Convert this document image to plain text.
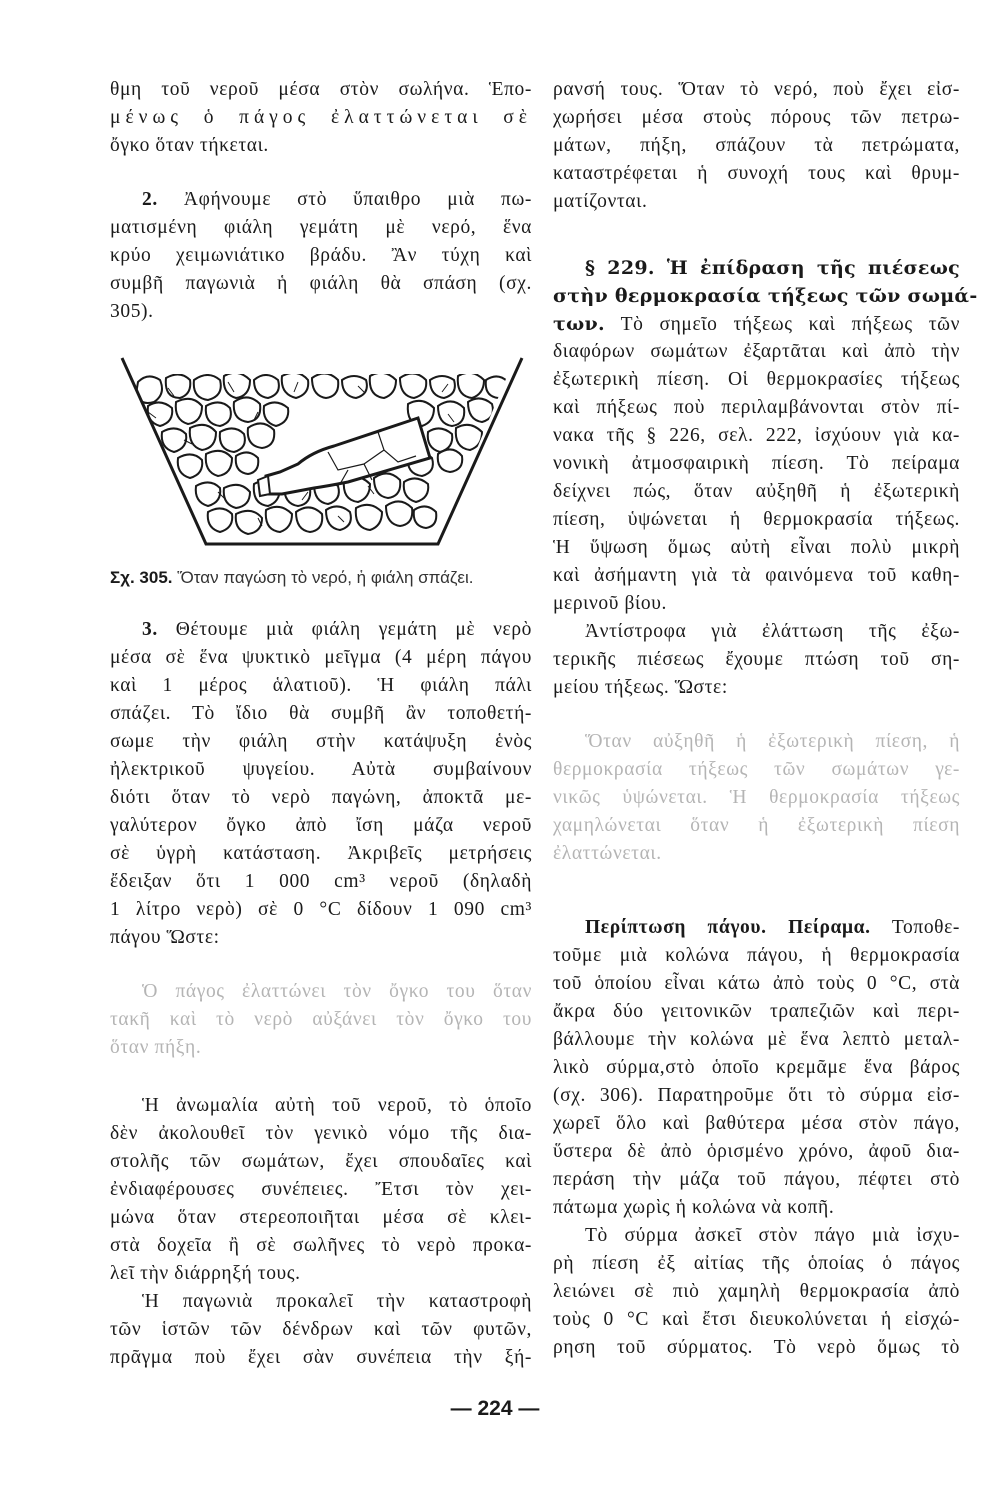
θμη τοῦ νεροῦ μέσα στὸν σωλήνα. Ἑπο-
μένως ὁ πάγος ἐλαττώνεται σὲ
ὄγκο ὅταν τήκεται.
2. Ἀφήνουμε στὸ ὕπαιθρο μιὰ πω-
ματισμένη φιάλη γεμάτη μὲ νερό, ἕνα
κρύο χειμωνιάτικο βράδυ. Ἂν τύχη καὶ
συμβῆ παγωνιὰ ἡ φιάλη θὰ σπάση (σχ.
305).
Σχ. 305. Ὅταν παγώση τὸ νερό, ἡ φιάλη σπάζει.
3. Θέτουμε μιὰ φιάλη γεμάτη μὲ νερὸ
μέσα σὲ ἕνα ψυκτικὸ μεῖγμα (4 μέρη πάγου
καὶ 1 μέρος ἁλατιοῦ). Ἡ φιάλη πάλι
σπάζει. Τὸ ἴδιο θὰ συμβῆ ἂν τοποθετή-
σωμε τὴν φιάλη στὴν κατάψυξη ἑνὸς
ἠλεκτρικοῦ ψυγείου. Αὐτὰ συμβαίνουν
διότι ὅταν τὸ νερὸ παγώνη, ἀποκτᾶ με-
γαλύτερον ὄγκο ἀπὸ ἴση μάζα νεροῦ
σὲ ὑγρὴ κατάσταση. Ἀκριβεῖς μετρήσεις
ἔδειξαν ὅτι 1 000 cm³ νεροῦ (δηλαδὴ
1 λίτρο νερὸ) σὲ 0 °C δίδουν 1 090 cm³
πάγου Ὥστε:
Ὁ πάγος ἐλαττώνει τὸν ὄγκο του ὅταν
τακῆ καὶ τὸ νερὸ αὐξάνει τὸν ὄγκο του
ὅταν πήξη.
Ἡ ἀνωμαλία αὐτὴ τοῦ νεροῦ, τὸ ὁποῖο
δὲν ἀκολουθεῖ τὸν γενικὸ νόμο τῆς δια-
στολῆς τῶν σωμάτων, ἔχει σπουδαῖες καὶ
ἐνδιαφέρουσες συνέπειες. Ἔτσι τὸν χει-
μώνα ὅταν στερεοποιῆται μέσα σὲ κλει-
στὰ δοχεῖα ἢ σὲ σωλῆνες τὸ νερὸ προκα-
λεῖ τὴν διάρρηξή τους.
Ἡ παγωνιὰ προκαλεῖ τὴν καταστροφὴ
τῶν ἱστῶν τῶν δένδρων καὶ τῶν φυτῶν,
πρᾶγμα ποὺ ἔχει σὰν συνέπεια τὴν ξή-
ρανσή τους. Ὅταν τὸ νερό, ποὺ ἔχει εἰσ-
χωρήσει μέσα στοὺς πόρους τῶν πετρω-
μάτων, πήξη, σπάζουν τὰ πετρώματα,
καταστρέφεται ἡ συνοχή τους καὶ θρυμ-
ματίζονται.
§ 229. Ἡ ἐπίδραση τῆς πιέσεως
στὴν θερμοκρασία τήξεως τῶν σωμά-
των. Τὸ σημεῖο τήξεως καὶ πήξεως τῶν
διαφόρων σωμάτων ἐξαρτᾶται καὶ ἀπὸ τὴν
ἐξωτερικὴ πίεση. Οἱ θερμοκρασίες τήξεως
καὶ πήξεως ποὺ περιλαμβάνονται στὸν πί-
νακα τῆς § 226, σελ. 222, ἰσχύουν γιὰ κα-
νονικὴ ἀτμοσφαιρικὴ πίεση. Τὸ πείραμα
δείχνει πώς, ὅταν αὐξηθῆ ἡ ἐξωτερικὴ
πίεση, ὑψώνεται ἡ θερμοκρασία τήξεως.
Ἡ ὕψωση ὅμως αὐτὴ εἶναι πολὺ μικρὴ
καὶ ἀσήμαντη γιὰ τὰ φαινόμενα τοῦ καθη-
μερινοῦ βίου.
Ἀντίστροφα γιὰ ἐλάττωση τῆς ἐξω-
τερικῆς πιέσεως ἔχουμε πτώση τοῦ ση-
μείου τήξεως. Ὥστε:
Ὅταν αὐξηθῆ ἡ ἐξωτερικὴ πίεση, ἡ
θερμοκρασία τήξεως τῶν σωμάτων γε-
νικῶς ὑψώνεται. Ἡ θερμοκρασία τήξεως
χαμηλώνεται ὅταν ἡ ἐξωτερικὴ πίεση
ἐλαττώνεται.
Περίπτωση πάγου. Πείραμα. Τοποθε-
τοῦμε μιὰ κολώνα πάγου, ἡ θερμοκρασία
τοῦ ὁποίου εἶναι κάτω ἀπὸ τοὺς 0 °C, στὰ
ἄκρα δύο γειτονικῶν τραπεζιῶν καὶ περι-
βάλλουμε τὴν κολώνα μὲ ἕνα λεπτὸ μεταλ-
λικὸ σύρμα,στὸ ὁποῖο κρεμᾶμε ἕνα βάρος
(σχ. 306). Παρατηροῦμε ὅτι τὸ σύρμα εἰσ-
χωρεῖ ὅλο καὶ βαθύτερα μέσα στὸν πάγο,
ὕστερα δὲ ἀπὸ ὁρισμένο χρόνο, ἀφοῦ δια-
περάση τὴν μάζα τοῦ πάγου, πέφτει στὸ
πάτωμα χωρὶς ἡ κολώνα νὰ κοπῆ.
Τὸ σύρμα ἀσκεῖ στὸν πάγο μιὰ ἰσχυ-
ρὴ πίεση ἐξ αἰτίας τῆς ὁποίας ὁ πάγος
λειώνει σὲ πιὸ χαμηλὴ θερμοκρασία ἀπὸ
τοὺς 0 °C καὶ ἔτσι διευκολύνεται ἡ εἰσχώ-
ρηση τοῦ σύρματος. Τὸ νερὸ ὅμως τὸ
— 224 —
